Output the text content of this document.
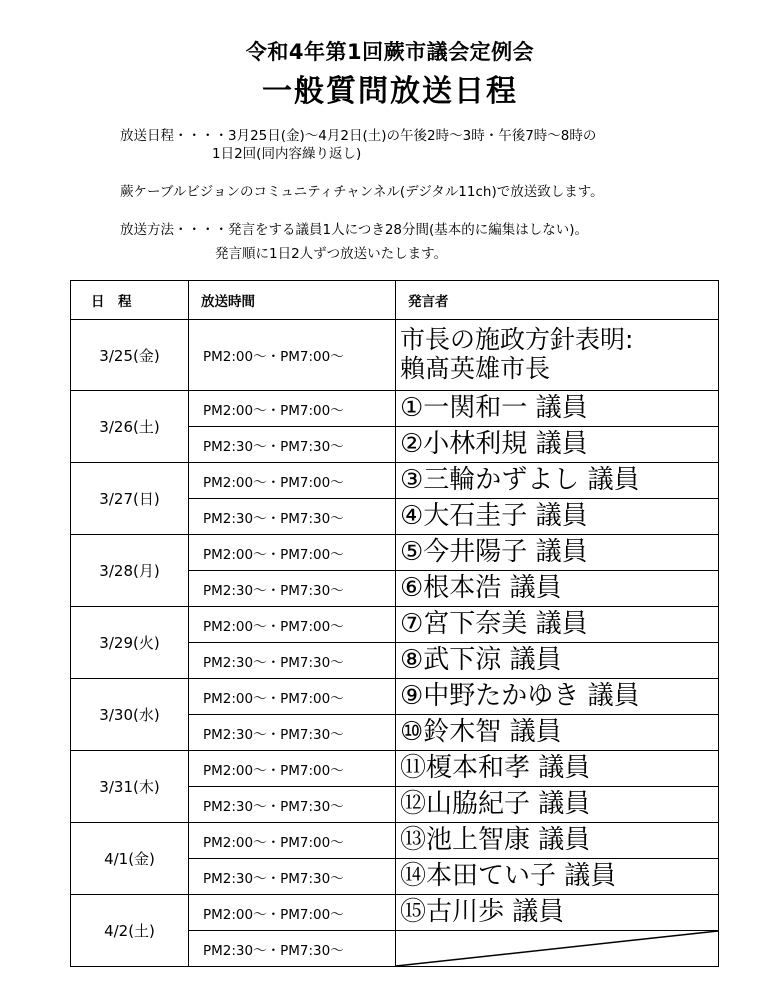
令和4年第1回蕨市議会定例会
一般質問放送日程
放送日程・・・・3月25日(金)～4月2日(土)の午後2時～3時・午後7時～8時の
1日2回(同内容繰り返し)
蕨ケーブルビジョンのコミュニティチャンネル(デジタル11ch)で放送致します。
放送方法・・・・発言をする議員1人につき28分間(基本的に編集はしない)。
発言順に1日2人ずつ放送いたします。
日　程	放送時間	発言者
3/25(金)	PM2:00～・PM7:00～	市長の施政方針表明:
賴髙英雄市長

3/26(土)	PM2:00～・PM7:00～	①一関和一 議員
	PM2:30～・PM7:30～	②小林利規 議員
3/27(日)	PM2:00～・PM7:00～	③三輪かずよし 議員
	PM2:30～・PM7:30～	④大石圭子 議員
3/28(月)	PM2:00～・PM7:00～	⑤今井陽子 議員
	PM2:30～・PM7:30～	⑥根本浩 議員
3/29(火)	PM2:00～・PM7:00～	⑦宮下奈美 議員
	PM2:30～・PM7:30～	⑧武下涼 議員
3/30(水)	PM2:00～・PM7:00～	⑨中野たかゆき 議員
	PM2:30～・PM7:30～	⑩鈴木智 議員
3/31(木)	PM2:00～・PM7:00～	⑪榎本和孝 議員
	PM2:30～・PM7:30～	⑫山脇紀子 議員
4/1(金)	PM2:00～・PM7:00～	⑬池上智康 議員
	PM2:30～・PM7:30～	⑭本田てい子 議員
4/2(土)	PM2:00～・PM7:00～	⑮古川歩 議員
	PM2:30～・PM7:30～	
